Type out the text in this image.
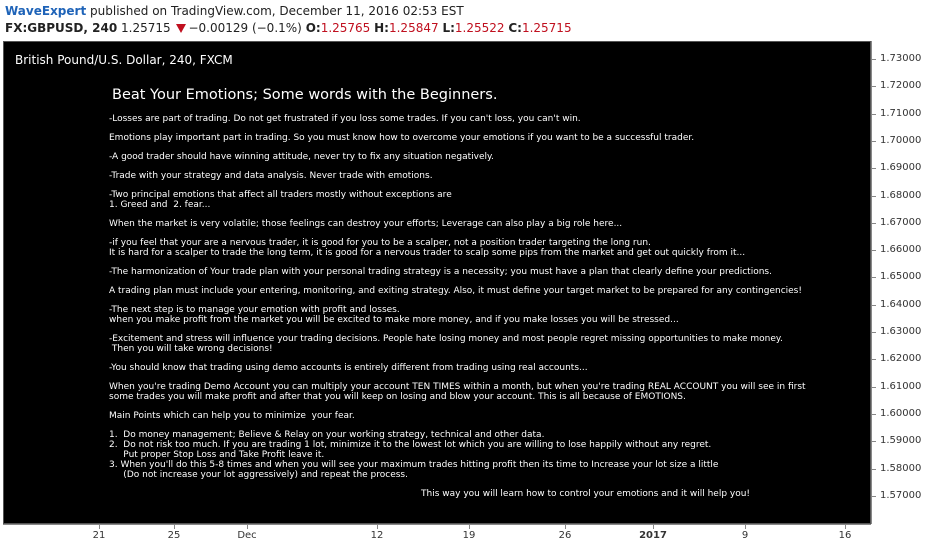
WaveExpert published on TradingView.com, December 11, 2016 02:53 EST
FX:GBPUSD, 240 1.25715 −0.00129 (−0.1%) O:1.25765 H:1.25847 L:1.25522 C:1.25715
British Pound/U.S. Dollar, 240, FXCM
Beat Your Emotions; Some words with the Beginners.

-Losses are part of trading. Do not get frustrated if you loss some trades. If you can't loss, you can't win.

Emotions play important part in trading. So you must know how to overcome your emotions if you want to be a successful trader.

-A good trader should have winning attitude, never try to fix any situation negatively.

-Trade with your strategy and data analysis. Never trade with emotions.

-Two principal emotions that affect all traders mostly without exceptions are
1. Greed and  2. fear...

When the market is very volatile; those feelings can destroy your efforts; Leverage can also play a big role here...

-if you feel that your are a nervous trader, it is good for you to be a scalper, not a position trader targeting the long run.
It is hard for a scalper to trade the long term, it is good for a nervous trader to scalp some pips from the market and get out quickly from it...

-The harmonization of Your trade plan with your personal trading strategy is a necessity; you must have a plan that clearly define your predictions.

A trading plan must include your entering, monitoring, and exiting strategy. Also, it must define your target market to be prepared for any contingencies!

-The next step is to manage your emotion with profit and losses.
when you make profit from the market you will be excited to make more money, and if you make losses you will be stressed...

-Excitement and stress will influence your trading decisions. People hate losing money and most people regret missing opportunities to make money.
Then you will take wrong decisions!

-You should know that trading using demo accounts is entirely different from trading using real accounts...

When you're trading Demo Account you can multiply your account TEN TIMES within a month, but when you're trading REAL ACCOUNT you will see in first
some trades you will make profit and after that you will keep on losing and blow your account. This is all because of EMOTIONS.

Main Points which can help you to minimize  your fear.

1.  Do money management; Believe & Relay on your working strategy, technical and other data.
2.  Do not risk too much. If you are trading 1 lot, minimize it to the lowest lot which you are willing to lose happily without any regret.
Put proper Stop Loss and Take Profit leave it.
3. When you'll do this 5-8 times and when you will see your maximum trades hitting profit then its time to Increase your lot size a little
(Do not increase your lot aggressively) and repeat the process.

This way you will learn how to control your emotions and it will help you!

1.73000
1.72000
1.71000
1.70000
1.69000
1.68000
1.67000
1.66000
1.65000
1.64000
1.63000
1.62000
1.61000
1.60000
1.59000
1.58000
1.57000
21	25	Dec	12	19	26	2017	9	16
